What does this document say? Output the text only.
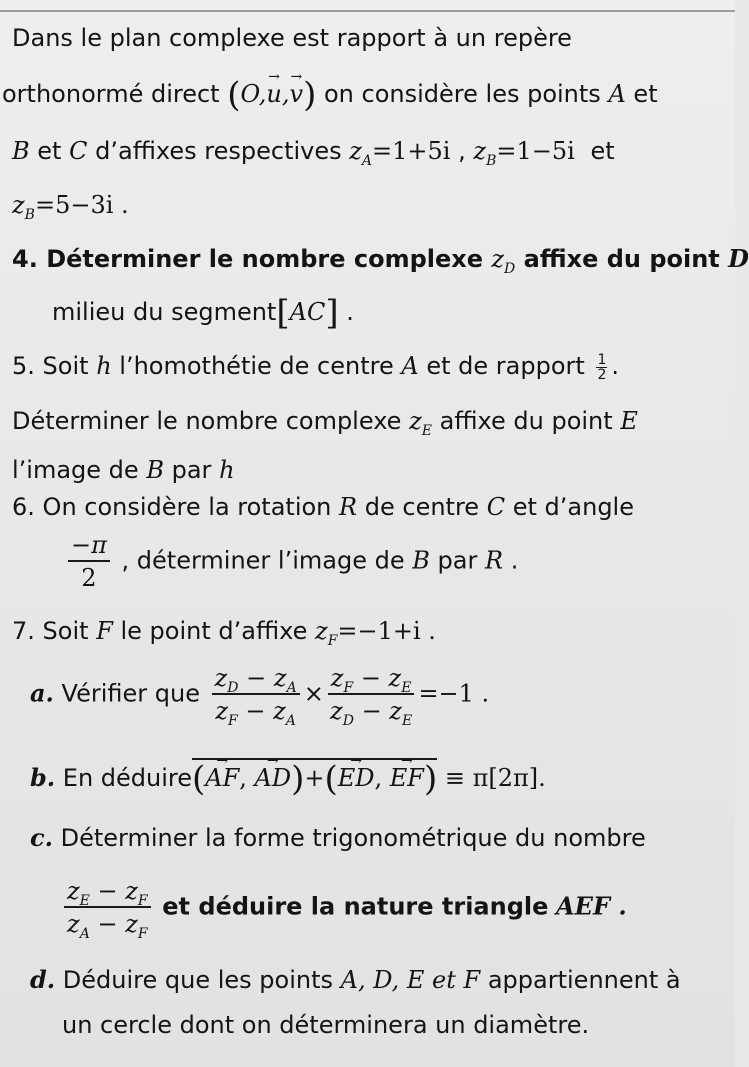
Dans le plan complexe est rapport à un repère
orthonormé direct (O,→ u,→ v) on considère les points A et
B et C d’affixes respectives $z_A=1+5i$ , $z_B=1-5i$ et
$z_B=5-3i$ .
4. Déterminer le nombre complexe $z_D$ affixe du point D
milieu du segment[AC] .
5. Soit h l’homothétie de centre A et de rapport $\frac{1}{2}$ .
Déterminer le nombre complexe $z_E$ affixe du point E
l’image de B par h
6. On considère la rotation R de centre C et d’angle
$\frac{-\pi}{2}$ , déterminer l’image de B par R .
7. Soit F le point d’affixe $z_F=-1+i$ .
a. Vérifier que $\frac{z_D - z_A}{z_F - z_A} \times \frac{z_F - z_E}{z_D - z_E} =-1$ .
b. En déduire(→ AF, → AD)+(→ ED, → EF) ≡ π[2π].
c. Déterminer la forme trigonométrique du nombre
$\frac{z_E - z_F}{z_A - z_F}$ et déduire la nature triangle AEF .
d. Déduire que les points A, D, E et F appartiennent à
un cercle dont on déterminera un diamètre.
